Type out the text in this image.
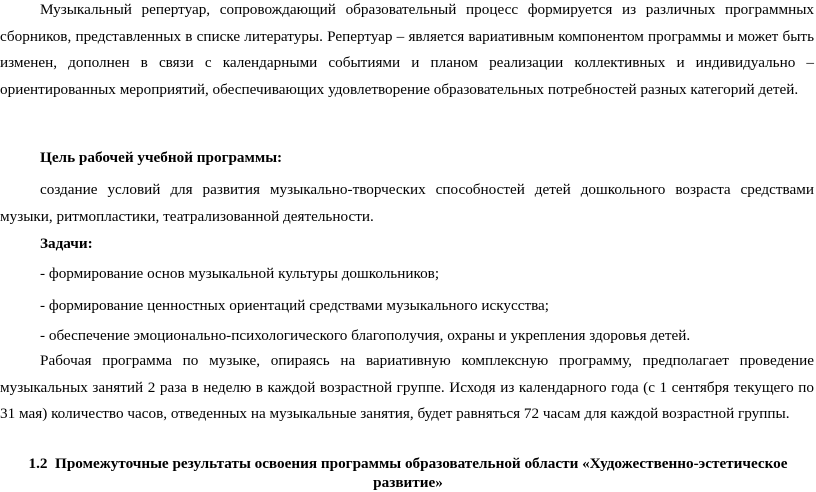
Музыкальный репертуар, сопровождающий образовательный процесс формируется из различных программных сборников, представленных в списке литературы. Репертуар – является вариативным компонентом программы и может быть изменен, дополнен в связи с календарными событиями и планом реализации коллективных и индивидуально – ориентированных мероприятий, обеспечивающих удовлетворение образовательных потребностей разных категорий детей.

Цель рабочей учебной программы:

создание условий для развития музыкально-творческих способностей детей дошкольного возраста средствами музыки, ритмопластики, театрализованной деятельности.

Задачи:
- формирование основ музыкальной культуры дошкольников;
- формирование ценностных ориентаций средствами музыкального искусства;
- обеспечение эмоционально-психологического благополучия, охраны и укрепления здоровья детей.

Рабочая программа по музыке, опираясь на вариативную комплексную программу, предполагает проведение музыкальных занятий 2 раза в неделю в каждой возрастной группе. Исходя из календарного года (с 1 сентября текущего по 31 мая) количество часов, отведенных на музыкальные занятия, будет равняться 72 часам для каждой возрастной группы.

1.2 Промежуточные результаты освоения программы образовательной области «Художественно-эстетическое
развитие»
